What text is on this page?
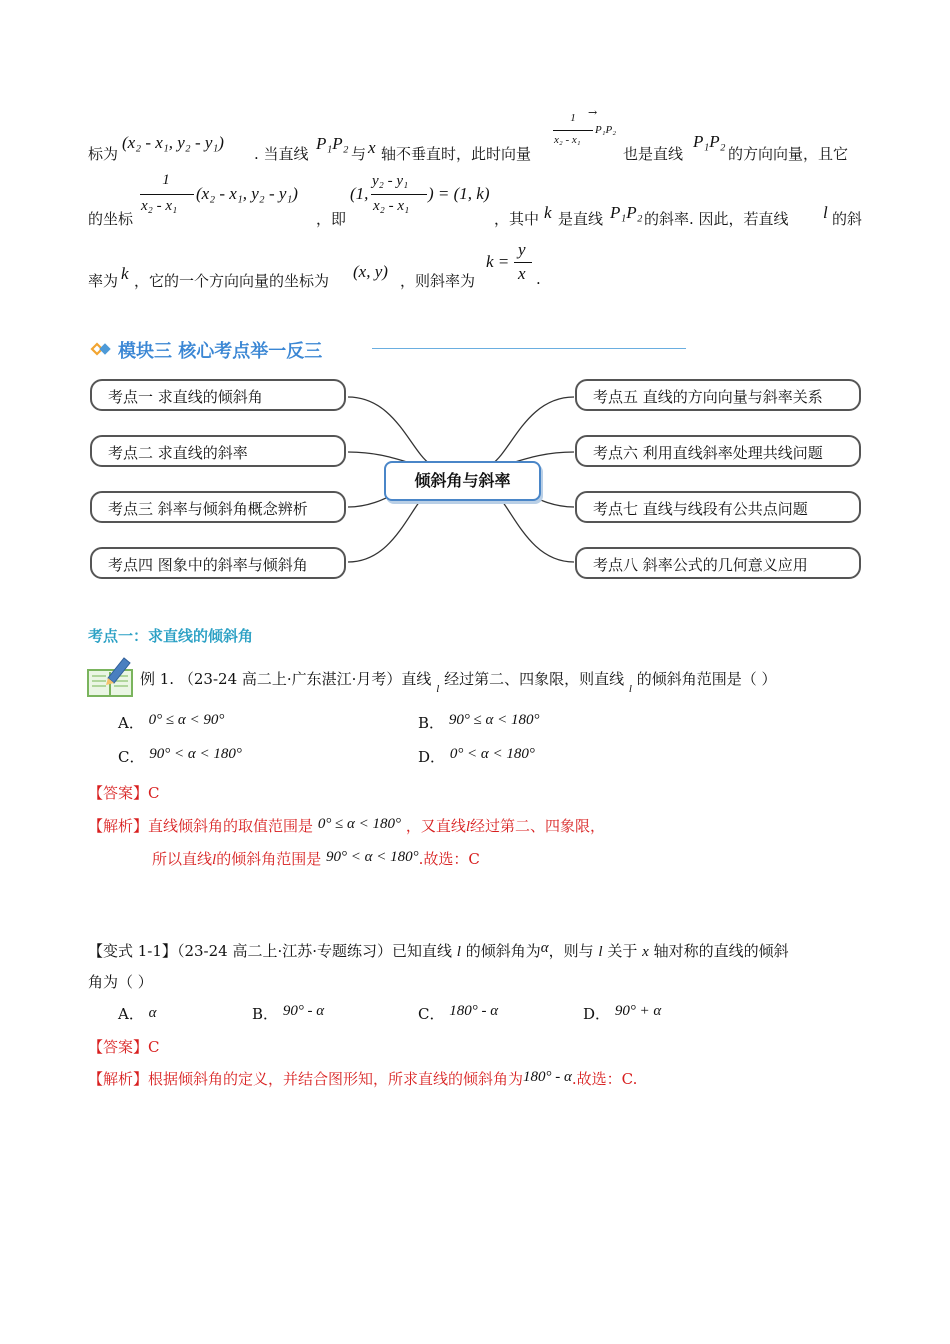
标为
(x₂ - x₁, y₂ - y₁)
. 当直线
P₁P₂
与 x 轴不垂直时，此时向量
1
x₂ - x₁
→
P₁P₂
也是直线
P₁P₂
的方向向量，且它
的坐标
1
x₂ - x₁
(x₂ - x₁, y₂ - y₁)
，即
(1,
y₂ - y₁
x₂ - x₁
) = (1, k)
，其中 k 是直线 P₁P₂ 的斜率. 因此，若直线 l 的斜
率为 k ，它的一个方向向量的坐标为 (x, y) ，则斜率为
k =
y
x .
模块三 核心考点举一反三
考点一 求直线的倾斜角
考点二 求直线的斜率
考点三 斜率与倾斜角概念辨析
考点四 图象中的斜率与倾斜角
考点五 直线的方向向量与斜率关系
考点六 利用直线斜率处理共线问题
考点七 直线与线段有公共点问题
考点八 斜率公式的几何意义应用
倾斜角与斜率
考点一：求直线的倾斜角
例 1. （23-24 高二上·广东湛江·月考）直线 $_l$ 经过第二、四象限，则直线 $_l$ 的倾斜角范围是（ ）
A． 0° ≤ α < 90°	B． 90° ≤ α < 180°
C． 90° < α < 180°	D． 0° < α < 180°
【答案】C
【解析】直线倾斜角的取值范围是 0° ≤ α < 180° ，又直线l经过第二、四象限，
所以直线l的倾斜角范围是 90° < α < 180°.故选：C
【变式 1-1】（23-24 高二上·江苏·专题练习）已知直线 l 的倾斜角为α，则与 l 关于 x 轴对称的直线的倾斜
角为（ ）
A． α	B． 90° - α	C． 180° - α	D． 90° + α
【答案】C
【解析】根据倾斜角的定义，并结合图形知，所求直线的倾斜角为180° - α.故选：C.
